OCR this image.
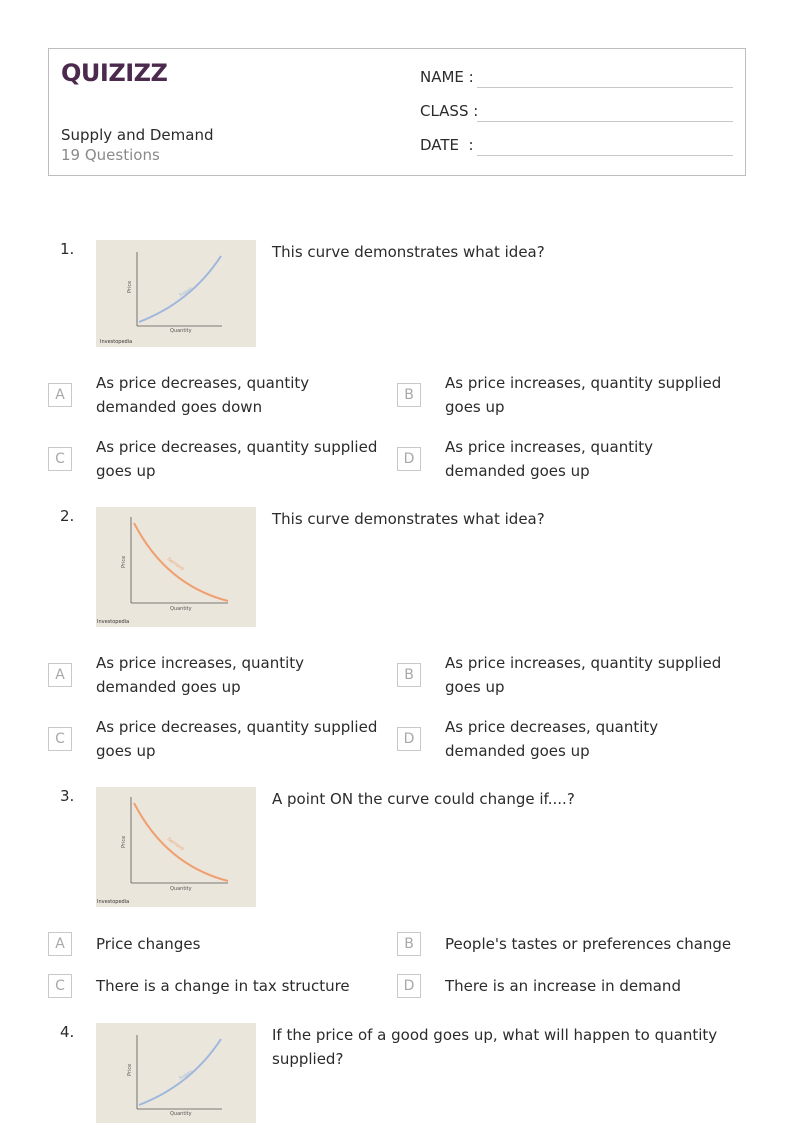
QUIZIZZ
Supply and Demand
19 Questions
NAME :
CLASS :
DATE  :
1.
Price
Quantity
Supply
Investopedia
This curve demonstrates what idea?
A
As price decreases, quantity demanded goes down
B
As price increases, quantity supplied goes up
C
As price decreases, quantity supplied goes up
D
As price increases, quantity demanded goes up
2.
Price
Quantity
Demand
Investopedia
This curve demonstrates what idea?
A
As price increases, quantity demanded goes up
B
As price increases, quantity supplied goes up
C
As price decreases, quantity supplied goes up
D
As price decreases, quantity demanded goes up
3.
Price
Quantity
Demand
Investopedia
A point ON the curve could change if....?
A	Price changes	B	People's tastes or preferences change
C	There is a change in tax structure	D	There is an increase in demand
4.
Price
Quantity
Supply
If the price of a good goes up, what will happen to quantity supplied?
